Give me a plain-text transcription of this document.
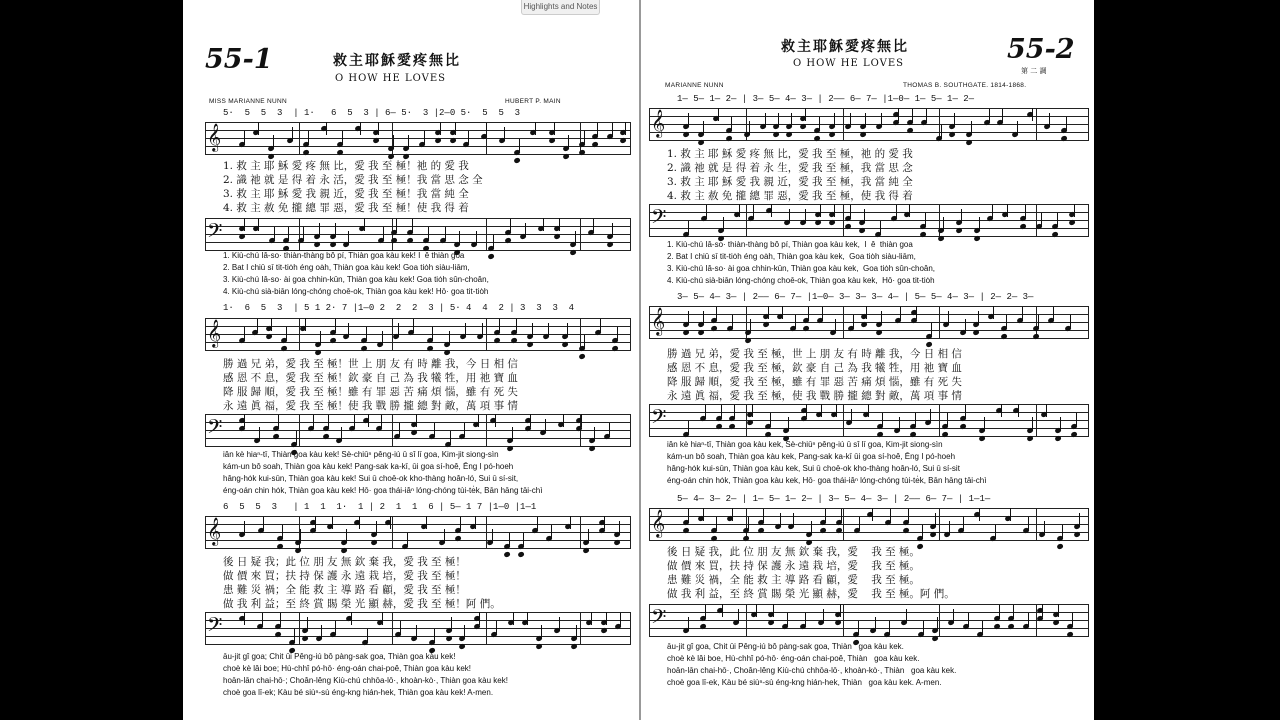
Highlights and Notes
55-1	救主耶穌愛疼無比
O HOW HE LOVES
MISS MARIANNE NUNN	HUBERT P. MAIN
5·  5  5  3  | 1·   6  5  3 | 6— 5·  3 |2—0 5·  5  5  3
𝄞
1. 救 主 耶 穌 愛 疼 無 比，愛 我 至 極！祂 的 愛 我
2. 識 祂 就 是 得 着 永 活，愛 我 至 極！我 當 思 念 全
3. 救 主 耶 穌 愛 我 親 近，愛 我 至 極！我 當 純 全
4. 救 主 赦 免 攏 總 罪 惡，愛 我 至 極！使 我 得 着
𝄢
1. Kiù-chú Iâ-so· thiàn-thàng bô pí, Thiàn goa kàu kek! I  ê thiàn goa
2. Bat I chiū sī tit-tio̍h éng oa̍h, Thiàn goa kàu kek! Goa tio̍h siàu-liām,
3. Kiù-chú Iâ-so· ài goa chhin-kūn, Thiàn goa kàu kek! Goa tio̍h sûn-choân,
4. Kiù-chú sià-biān lóng-chóng choē-ok, Thiàn goa kàu kek! Hō· goa tit-tio̍h
1·  6  5  3  | 5 1 2· 7 |1—0 2  2  2  3 | 5· 4  4  2 | 3  3  3  4
𝄞
勝 過 兄 弟，愛 我 至 極！世 上 朋 友 有 時 離 我，今 日 相 信
感 恩 不 息，愛 我 至 極！欽 豪 自 己 為 我 犧 牲，用 祂 寶 血
降 服 歸 順，愛 我 至 極！雖 有 罪 惡 苦 痛 煩 惱，雖 有 死 失
永 遠 眞 福，愛 我 至 極！使 我 戰 勝 攏 總 對 敵，萬 項 事 情
𝄢
iân kè hiaⁿ-tī, Thiàn goa kàu kek! Sè-chiūⁿ pêng-iú ū sî lī goa, Kim-jit siong-sìn
kám-un bô soah, Thiàn goa kàu kek! Pang-sak ka-kī, ūi goa sí-hoê, Ēng I pó-hoeh
hâng-ho̍k kui-sūn, Thiàn goa kàu kek! Sui ū choē-ok kho-thàng hoân-ló, Sui ū sí-sit,
éng-oán chin ho̍k, Thiàn goa kàu kek! Hō· goa thái-iâⁿ lóng-chóng tùi-te̍k, Bān hāng tāi-chì
6  5  5  3   | 1  1  1·  1 | 2  1  1  6 | 5— 1 7 |1—0 |1—1
𝄞
後 日 疑 我；此 位 朋 友 無 欽 棄 我，愛 我 至 極！
做 價 來 買；扶 持 保 護 永 遠 栽 培，愛 我 至 極！
患 難 災 禍；全 能 救 主 導 路 看 顧，愛 我 至 極！
做 我 利 益；至 終 賞 賜 榮 光 顯 赫，愛 我 至 極！阿 們。
𝄢
āu-jit gî goa; Chit ūi Pêng-iú bô pàng-sak goa, Thiàn goa kàu kek!
choè kè lâi boe; Hù-chhî pó-hō· éng-oán chai-poê, Thiàn goa kàu kek!
hoān-lān chai-hō·; Choân-lêng Kiù-chú chhōa-lō·, khoàn-kò·, Thiàn goa kàu kek!
choè goa lī-ek; Kàu bé siùⁿ-sù éng-kng hián-hek, Thiàn goa kàu kek! A-men.
救主耶穌愛疼無比
O HOW HE LOVES	55-2
第 二 調
MARIANNE NUNN	THOMAS B. SOUTHGATE. 1814-1868.
1— 5— 1— 2— | 3— 5— 4— 3— | 2—— 6— 7— |1—0— 1— 5— 1— 2—
𝄞
1. 救 主 耶 穌 愛 疼 無 比，愛 我 至 極，祂 的 愛 我
2. 識 祂 就 是 得 着 永 生，愛 我 至 極，我 當 思 念
3. 救 主 耶 穌 愛 我 親 近，愛 我 至 極，我 當 純 全
4. 救 主 赦 免 攏 總 罪 惡，愛 我 至 極，使 我 得 着
𝄢
1. Kiù-chú Iâ-so· thiàn-thàng bô pí, Thiàn goa kàu kek,  I  ê  thiàn goa
2. Bat I chiū sī tit-tio̍h éng oa̍h, Thiàn goa kàu kek,  Goa tio̍h siàu-liām,
3. Kiù-chú Iâ-so· ài goa chhin-kūn, Thiàn goa kàu kek,  Goa tio̍h sûn-choân,
4. Kiù-chú sià-biān lóng-chóng choē-ok, Thiàn goa kàu kek,  Hō· goa tit-tio̍h
3— 5— 4— 3— | 2—— 6— 7— |1—0— 3— 3— 3— 4— | 5— 5— 4— 3— | 2— 2— 3—
𝄞
勝 過 兄 弟，愛 我 至 極，世 上 朋 友 有 時 離 我，今 日 相 信
感 恩 不 息，愛 我 至 極，欽 豪 自 己 為 我 犧 牲，用 祂 寶 血
降 服 歸 順，愛 我 至 極，雖 有 罪 惡 苦 痛 煩 惱，雖 有 死 失
永 遠 眞 福，愛 我 至 極，使 我 戰 勝 攏 總 對 敵，萬 項 事 情
𝄢
iân kè hiaⁿ-tī, Thiàn goa kàu kek, Sè-chiūⁿ pêng-iú ū sî lī goa, Kim-jit siong-sìn
kám-un bô soah, Thiàn goa kàu kek, Pang-sak ka-kī ūi goa sí-hoê, Ēng I pó-hoeh
hâng-ho̍k kui-sūn, Thiàn goa kàu kek, Sui ū choē-ok kho-thàng hoân-ló, Sui ū sí-sit
éng-oán chin ho̍k, Thiàn goa kàu kek, Hō· goa thái-iâⁿ lóng-chóng tùi-te̍k, Bān hāng tāi-chì
5— 4— 3— 2— | 1— 5— 1— 2— | 3— 5— 4— 3— | 2—— 6— 7— | 1—1—
𝄞
後 日 疑 我，此 位 朋 友 無 欽 棄 我，愛    我 至 極。
做 價 來 買，扶 持 保 護 永 遠 栽 培，愛    我 至 極。
患 難 災 禍，全 能 救 主 導 路 看 顧，愛    我 至 極。
做 我 利 益，至 終 賞 賜 榮 光 顯 赫，愛    我 至 極。阿 們。
𝄢
āu-jit gî goa, Chit ūi Pêng-iú bô pàng-sak goa, Thiàn   goa kàu kek.
choè kè lâi boe, Hù-chhî pó-hō· éng-oán chai-poê, Thiàn   goa kàu kek.
hoān-lān chai-hō·, Choân-lêng Kiù-chú chhōa-lō·, khoàn-kò·, Thiàn   goa kàu kek.
choè goa lī-ek, Kàu bé siùⁿ-sù éng-kng hián-hek, Thiàn   goa kàu kek. A-men.
